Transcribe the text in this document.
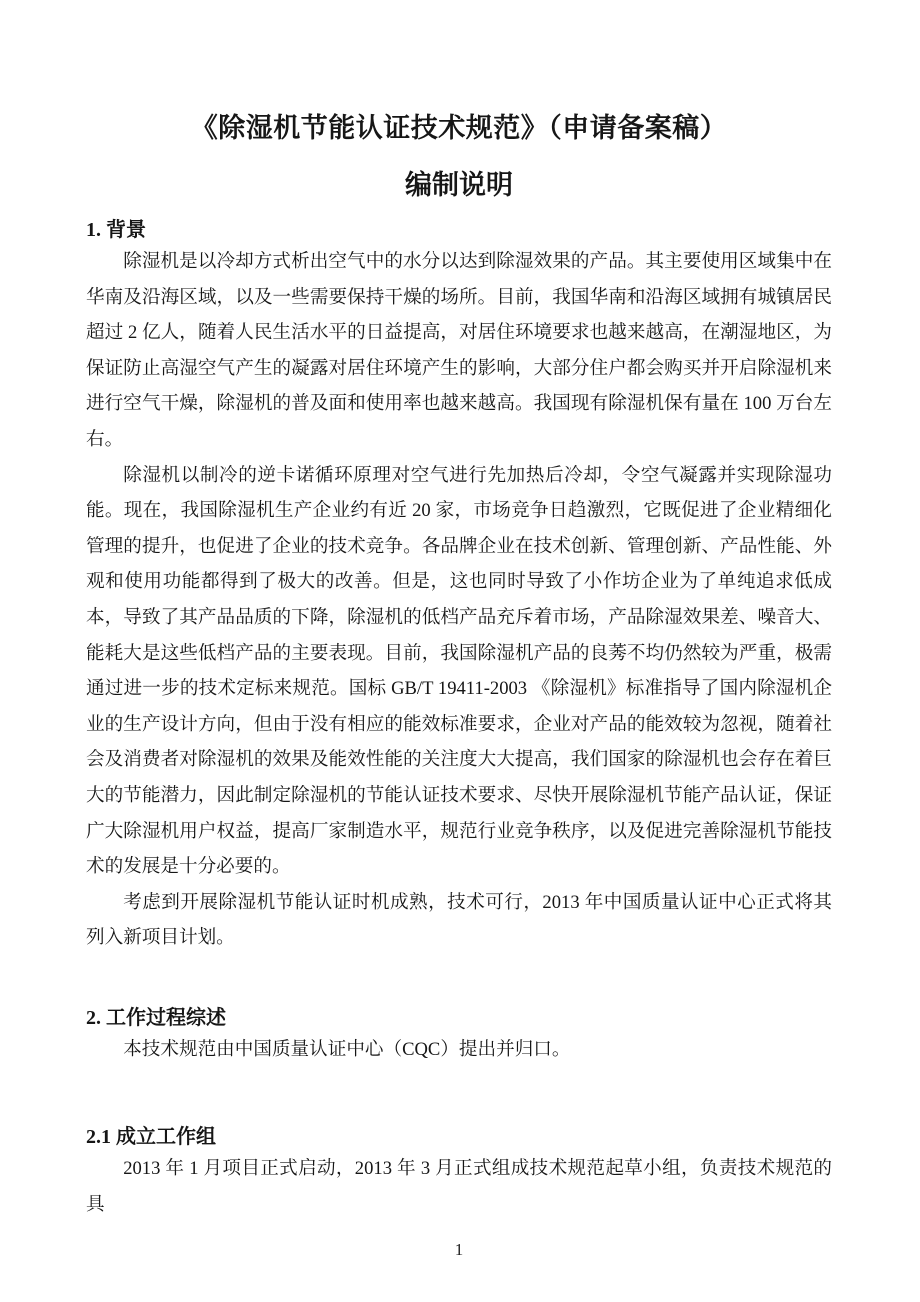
《除湿机节能认证技术规范》（申请备案稿）
编制说明
1. 背景

除湿机是以冷却方式析出空气中的水分以达到除湿效果的产品。其主要使用区域集中在华南及沿海区域，以及一些需要保持干燥的场所。目前，我国华南和沿海区域拥有城镇居民超过 2 亿人，随着人民生活水平的日益提高，对居住环境要求也越来越高，在潮湿地区，为保证防止高湿空气产生的凝露对居住环境产生的影响，大部分住户都会购买并开启除湿机来进行空气干燥，除湿机的普及面和使用率也越来越高。我国现有除湿机保有量在 100 万台左右。

除湿机以制冷的逆卡诺循环原理对空气进行先加热后冷却，令空气凝露并实现除湿功能。现在，我国除湿机生产企业约有近 20 家，市场竞争日趋激烈，它既促进了企业精细化管理的提升，也促进了企业的技术竞争。各品牌企业在技术创新、管理创新、产品性能、外观和使用功能都得到了极大的改善。但是，这也同时导致了小作坊企业为了单纯追求低成本，导致了其产品品质的下降，除湿机的低档产品充斥着市场，产品除湿效果差、噪音大、 能耗大是这些低档产品的主要表现。目前，我国除湿机产品的良莠不均仍然较为严重，极需通过进一步的技术定标来规范。国标 GB/T 19411-2003 《除湿机》标准指导了国内除湿机企业的生产设计方向，但由于没有相应的能效标准要求，企业对产品的能效较为忽视，随着社会及消费者对除湿机的效果及能效性能的关注度大大提高，我们国家的除湿机也会存在着巨大的节能潜力，因此制定除湿机的节能认证技术要求、尽快开展除湿机节能产品认证，保证广大除湿机用户权益，提高厂家制造水平，规范行业竞争秩序，以及促进完善除湿机节能技术的发展是十分必要的。

考虑到开展除湿机节能认证时机成熟，技术可行，2013 年中国质量认证中心正式将其列入新项目计划。

2. 工作过程综述

本技术规范由中国质量认证中心（CQC）提出并归口。

2.1 成立工作组

2013 年 1 月项目正式启动，2013 年 3 月正式组成技术规范起草小组，负责技术规范的具

1
